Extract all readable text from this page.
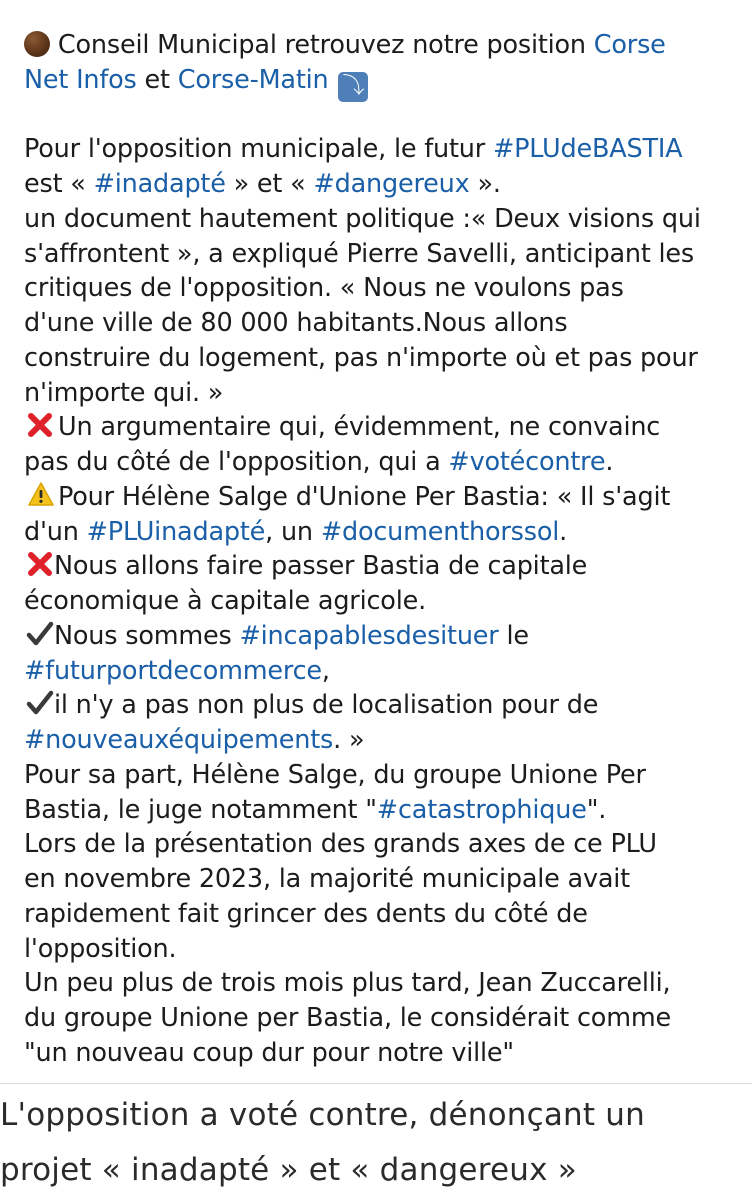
Conseil Municipal retrouvez notre position Corse
Net Infos et Corse-Matin ⤵
Pour l'opposition municipale, le futur #PLUdeBASTIA
est « #inadapté » et « #dangereux ».
un document hautement politique :« Deux visions qui
s'affrontent », a expliqué Pierre Savelli, anticipant les
critiques de l'opposition. « Nous ne voulons pas
d'une ville de 80 000 habitants.Nous allons
construire du logement, pas n'importe où et pas pour
n'importe qui. »
Un argumentaire qui, évidemment, ne convainc
pas du côté de l'opposition, qui a #votécontre.
Pour Hélène Salge d'Unione Per Bastia: « Il s'agit
d'un #PLUinadapté, un #documenthorssol.
Nous allons faire passer Bastia de capitale
économique à capitale agricole.
Nous sommes #incapablesdesituer le
#futurportdecommerce,
il n'y a pas non plus de localisation pour de
#nouveauxéquipements. »
Pour sa part, Hélène Salge, du groupe Unione Per
Bastia, le juge notamment "#catastrophique".
Lors de la présentation des grands axes de ce PLU
en novembre 2023, la majorité municipale avait
rapidement fait grincer des dents du côté de
l'opposition.
Un peu plus de trois mois plus tard, Jean Zuccarelli,
du groupe Unione per Bastia, le considérait comme
"un nouveau coup dur pour notre ville"
L'opposition a voté contre, dénonçant un
projet « inadapté » et « dangereux »
